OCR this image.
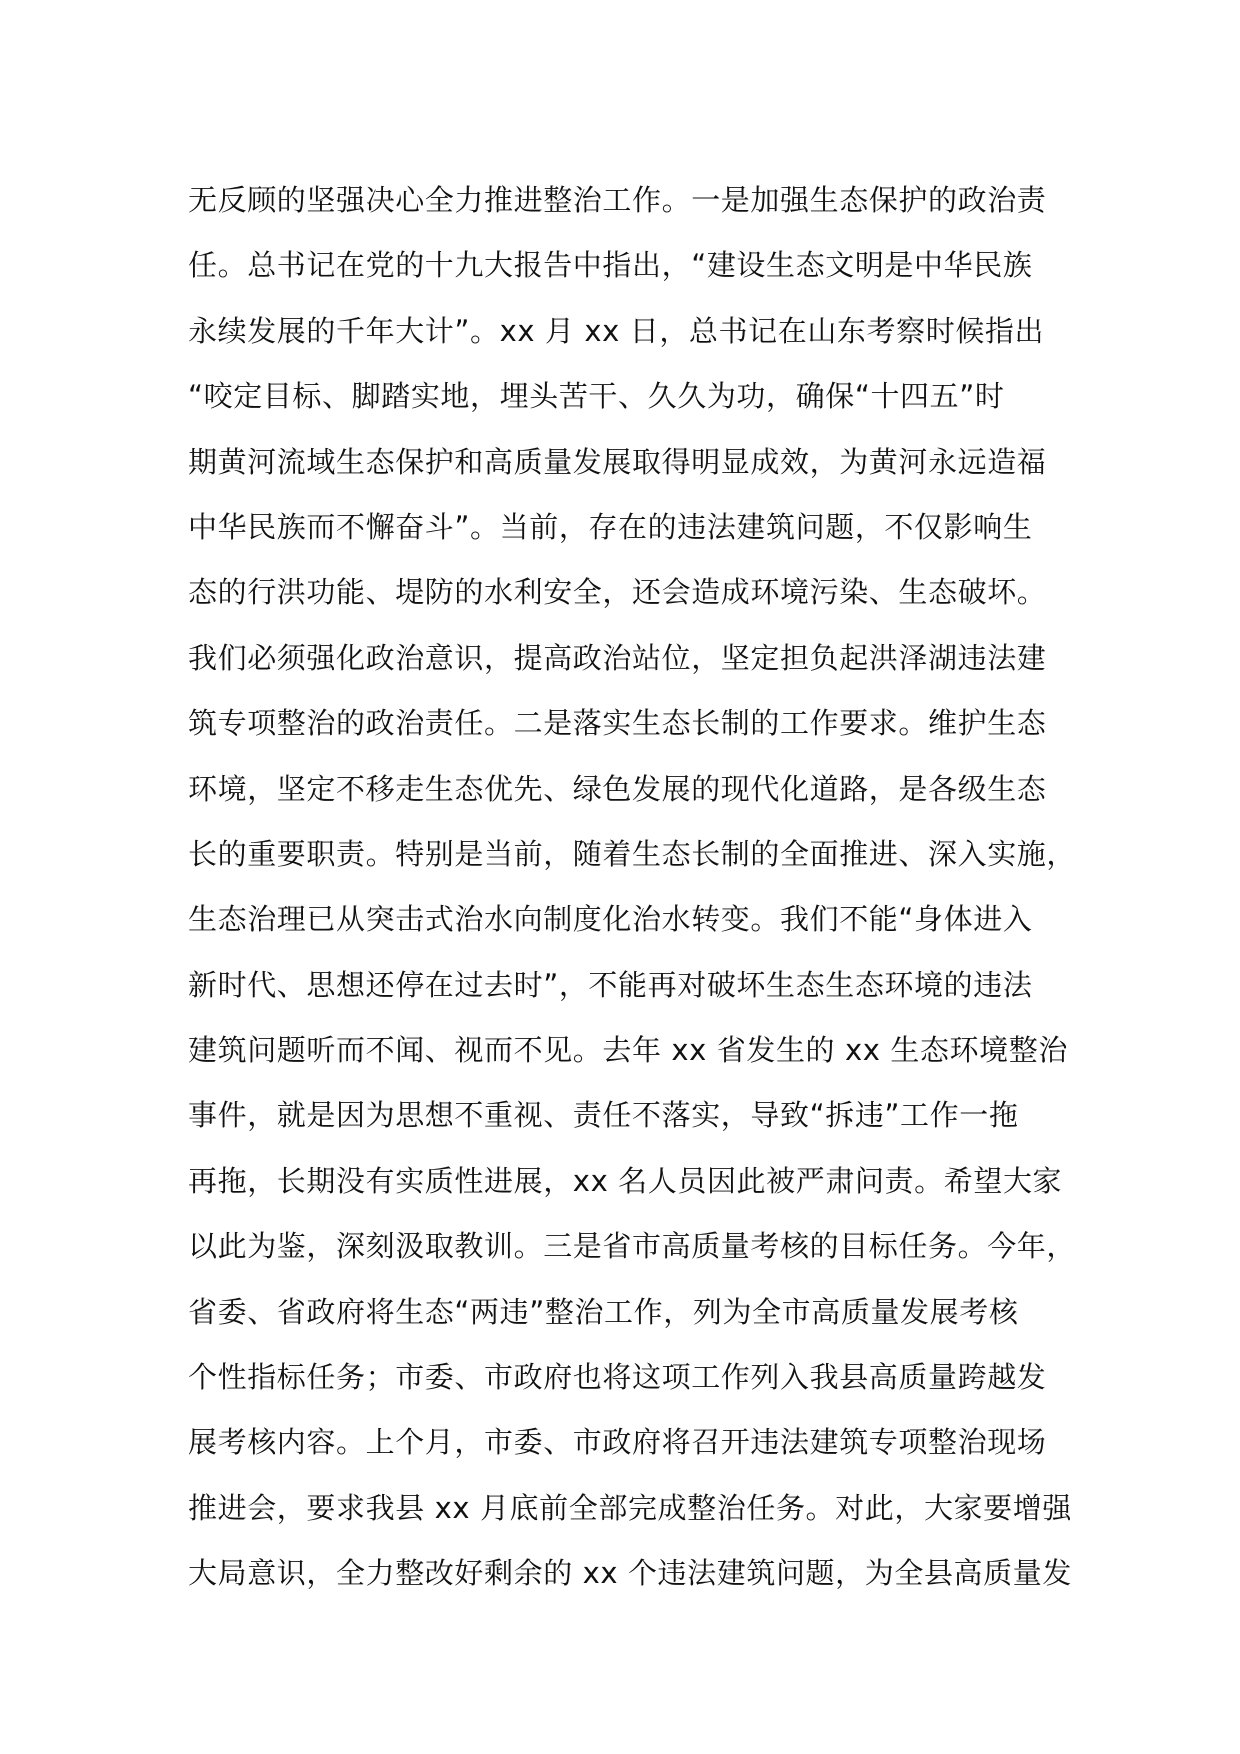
无反顾的坚强决心全力推进整治工作。一是加强生态保护的政治责
任。总书记在党的十九大报告中指出，“建设生态文明是中华民族
永续发展的千年大计”。xx 月 xx 日，总书记在山东考察时候指出
“咬定目标、脚踏实地，埋头苦干、久久为功，确保“十四五”时
期黄河流域生态保护和高质量发展取得明显成效，为黄河永远造福
中华民族而不懈奋斗”。当前，存在的违法建筑问题，不仅影响生
态的行洪功能、堤防的水利安全，还会造成环境污染、生态破坏。
我们必须强化政治意识，提高政治站位，坚定担负起洪泽湖违法建
筑专项整治的政治责任。二是落实生态长制的工作要求。维护生态
环境，坚定不移走生态优先、绿色发展的现代化道路，是各级生态
长的重要职责。特别是当前，随着生态长制的全面推进、深入实施，
生态治理已从突击式治水向制度化治水转变。我们不能“身体进入
新时代、思想还停在过去时”，不能再对破坏生态生态环境的违法
建筑问题听而不闻、视而不见。去年 xx 省发生的 xx 生态环境整治
事件，就是因为思想不重视、责任不落实，导致“拆违”工作一拖
再拖，长期没有实质性进展，xx 名人员因此被严肃问责。希望大家
以此为鉴，深刻汲取教训。三是省市高质量考核的目标任务。今年，
省委、省政府将生态“两违”整治工作，列为全市高质量发展考核
个性指标任务；市委、市政府也将这项工作列入我县高质量跨越发
展考核内容。上个月，市委、市政府将召开违法建筑专项整治现场
推进会，要求我县 xx 月底前全部完成整治任务。对此，大家要增强
大局意识，全力整改好剩余的 xx 个违法建筑问题，为全县高质量发
